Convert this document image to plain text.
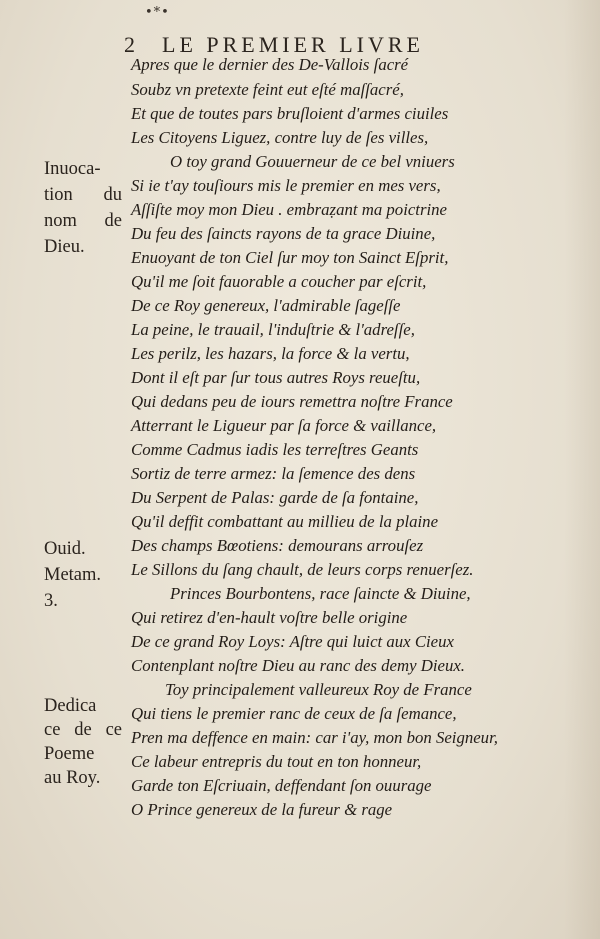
•*•
2 LE PREMIER LIVRE
Apres que le dernier des De-Vallois ſacré
Soubz vn pretexte feint eut eſté maſſacré,
Et que de toutes pars bruſloient d'armes ciuiles
Les Citoyens Liguez, contre luy de ſes villes,
O toy grand Gouuerneur de ce bel vniuers
Si ie t'ay touſiours mis le premier en mes vers,
Aſſiſte moy mon Dieu . embraẓant ma poictrine
Du feu des ſaincts rayons de ta grace Diuine,
Enuoyant de ton Ciel ſur moy ton Sainct Eſprit,
Qu'il me ſoit fauorable a coucher par eſcrit,
De ce Roy genereux, l'admirable ſageſſe
La peine, le trauail, l'induſtrie & l'adreſſe,
Les perilz, les hazars, la force & la vertu,
Dont il eſt par ſur tous autres Roys reueſtu,
Qui dedans peu de iours remettra noſtre France
Atterrant le Ligueur par ſa force & vaillance,
Comme Cadmus iadis les terreſtres Geants
Sortiz de terre armez: la ſemence des dens
Du Serpent de Palas: garde de ſa fontaine,
Qu'il deffit combattant au millieu de la plaine
Des champs Bœotiens: demourans arrouſez
Le Sillons du ſang chault, de leurs corps renuerſez.
Princes Bourbontens, race ſaincte & Diuine,
Qui retirez d'en-hault voſtre belle origine
De ce grand Roy Loys: Aſtre qui luict aux Cieux
Contenplant noſtre Dieu au ranc des demy Dieux.
Toy principalement valleureux Roy de France
Qui tiens le premier ranc de ceux de ſa ſemance,
Pren ma deffence en main: car i'ay, mon bon Seigneur,
Ce labeur entrepris du tout en ton honneur,
Garde ton Eſcriuain, deffendant ſon ouurage
O Prince genereux de la fureur & rage
Inuoca-
tion du
nom de
Dieu.
Ouid.
Metam.
3.
Dedica
ce de ce
Poeme
au Roy.
